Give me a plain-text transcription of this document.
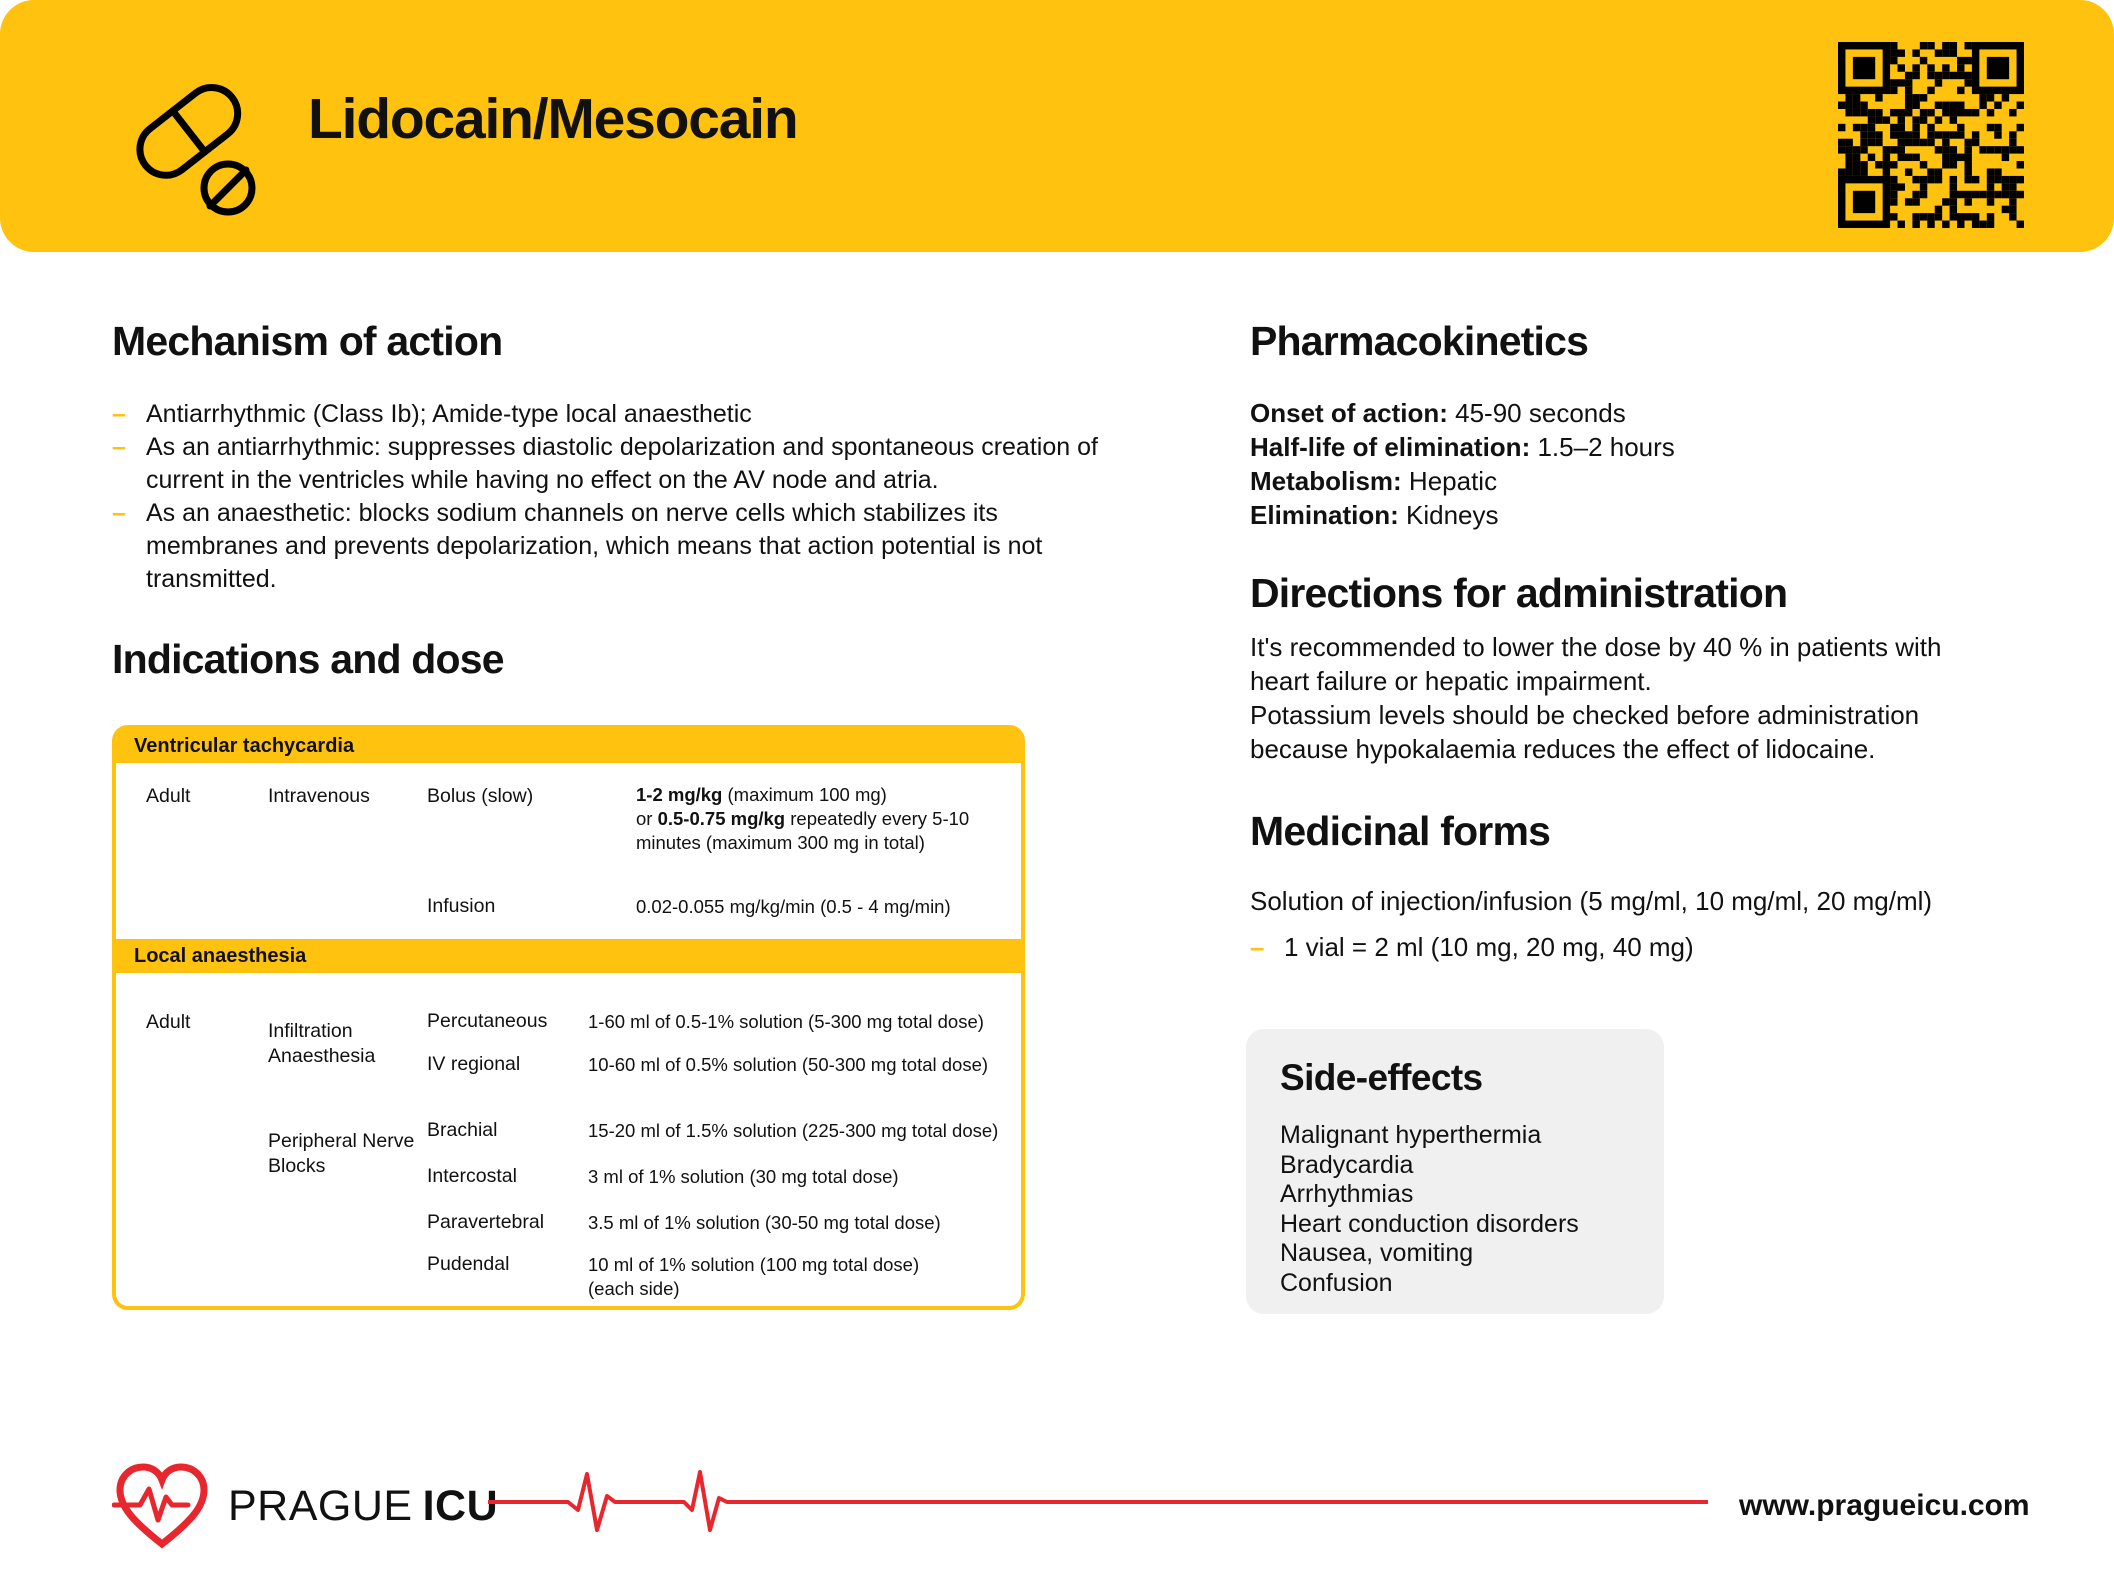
Lidocain/Mesocain
Mechanism of action
– Antiarrhythmic (Class Ib); Amide-type local anaesthetic
– As an antiarrhythmic: suppresses diastolic depolarization and spontaneous creation of current in the ventricles while having no effect on the AV node and atria.
– As an anaesthetic: blocks sodium channels on nerve cells which stabilizes its membranes and prevents depolarization, which means that action potential is not transmitted.
Indications and dose
Ventricular tachycardia
Adult	Intravenous	Bolus (slow)	1-2 mg/kg (maximum 100 mg)
or 0.5-0.75 mg/kg repeatedly every 5-10 minutes (maximum 300 mg in total)
Infusion	0.02-0.055 mg/kg/min (0.5 - 4 mg/min)
Local anaesthesia
Adult	Infiltration Anaesthesia
Percutaneous 1-60 ml of 0.5-1% solution (5-300 mg total dose)
IV regional	10-60 ml of 0.5% solution (50-300 mg total dose)
Peripheral Nerve Blocks
Brachial	15-20 ml of 1.5% solution (225-300 mg total dose)
Intercostal	3 ml of 1% solution (30 mg total dose)
Paravertebral 3.5 ml of 1% solution (30-50 mg total dose)
Pudendal	10 ml of 1% solution (100 mg total dose)
(each side)
Pharmacokinetics
Onset of action: 45-90 seconds
Half-life of elimination: 1.5–2 hours
Metabolism: Hepatic
Elimination: Kidneys
Directions for administration
It's recommended to lower the dose by 40 % in patients with heart failure or hepatic impairment.
Potassium levels should be checked before administration because hypokalaemia reduces the effect of lidocaine.
Medicinal forms
Solution of injection/infusion (5 mg/ml, 10 mg/ml, 20 mg/ml)
– 1 vial = 2 ml (10 mg, 20 mg, 40 mg)
Side-effects
Malignant hyperthermia
Bradycardia
Arrhythmias
Heart conduction disorders
Nausea, vomiting
Confusion
PRAGUE ICU	www.pragueicu.com
